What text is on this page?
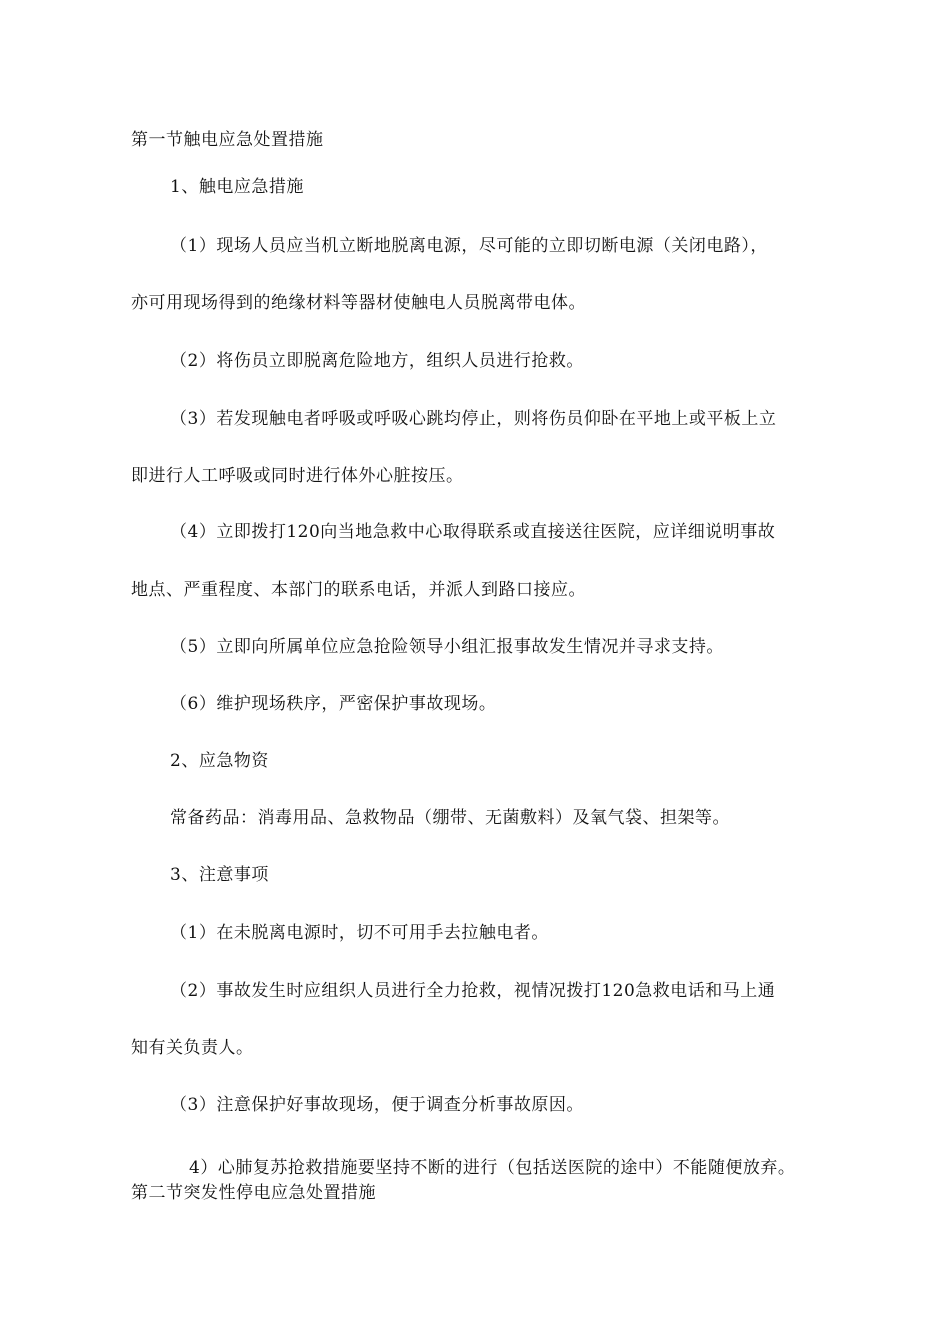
第一节触电应急处置措施
1、触电应急措施
（1）现场人员应当机立断地脱离电源，尽可能的立即切断电源（关闭电路），
亦可用现场得到的绝缘材料等器材使触电人员脱离带电体。
（2）将伤员立即脱离危险地方，组织人员进行抢救。
（3）若发现触电者呼吸或呼吸心跳均停止，则将伤员仰卧在平地上或平板上立
即进行人工呼吸或同时进行体外心脏按压。
（4）立即拨打120向当地急救中心取得联系或直接送往医院，应详细说明事故
地点、严重程度、本部门的联系电话，并派人到路口接应。
（5）立即向所属单位应急抢险领导小组汇报事故发生情况并寻求支持。
（6）维护现场秩序，严密保护事故现场。
2、应急物资
常备药品：消毒用品、急救物品（绷带、无菌敷料）及氧气袋、担架等。
3、注意事项
（1）在未脱离电源时，切不可用手去拉触电者。
（2）事故发生时应组织人员进行全力抢救，视情况拨打120急救电话和马上通
知有关负责人。
（3）注意保护好事故现场，便于调查分析事故原因。
4）心肺复苏抢救措施要坚持不断的进行（包括送医院的途中）不能随便放弃。
第二节突发性停电应急处置措施
